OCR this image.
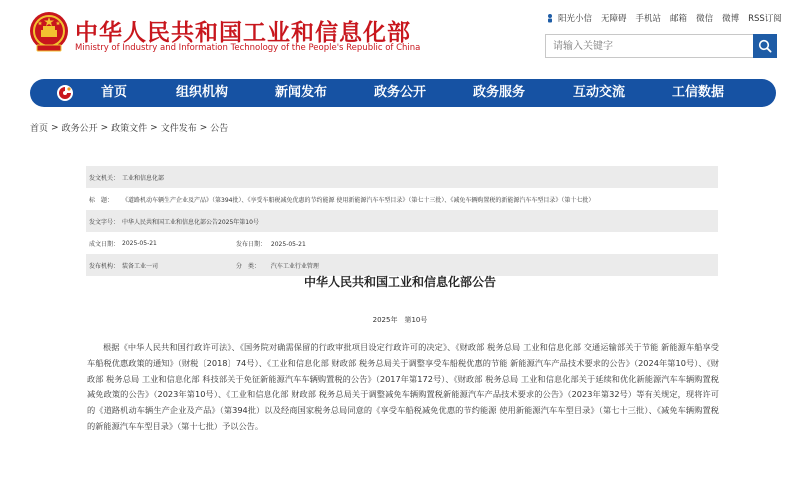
中华人民共和国工业和信息化部
Ministry of Industry and Information Technology of the People's Republic of China
阳光小信 无障碍 手机站 邮箱 微信 微博 RSS订阅
请输入关键字
首页	组织机构	新闻发布	政务公开	政务服务	互动交流	工信数据
首页 > 政务公开 > 政策文件 > 文件发布 > 公告
发文机关： 工业和信息化部
标　题：	《道路机动车辆生产企业及产品》（第394批）、《享受车船税减免优惠的节约能源 使用新能源汽车车型目录》（第七十三批）、《减免车辆购置税的新能源汽车车型目录》（第十七批）
发文字号： 中华人民共和国工业和信息化部公告2025年第10号
成文日期： 2025-05-21	发布日期： 2025-05-21
发布机构： 装备工业一司	分　类： 汽车工业行业管理
中华人民共和国工业和信息化部公告
2025年　第10号

根据《中华人民共和国行政许可法》、《国务院对确需保留的行政审批项目设定行政许可的决定》、《财政部 税务总局 工业和信息化部 交通运输部关于节能 新能源车船享受车船税优惠政策的通知》（财税〔2018〕74号）、《工业和信息化部 财政部 税务总局关于调整享受车船税优惠的节能 新能源汽车产品技术要求的公告》（2024年第10号）、《财政部 税务总局 工业和信息化部 科技部关于免征新能源汽车车辆购置税的公告》（2017年第172号）、《财政部 税务总局 工业和信息化部关于延续和优化新能源汽车车辆购置税减免政策的公告》（2023年第10号）、《工业和信息化部 财政部 税务总局关于调整减免车辆购置税新能源汽车产品技术要求的公告》（2023年第32号）等有关规定，现将许可的《道路机动车辆生产企业及产品》（第394批）以及经商国家税务总局同意的《享受车船税减免优惠的节约能源 使用新能源汽车车型目录》（第七十三批）、《减免车辆购置税的新能源汽车车型目录》（第十七批）予以公告。
